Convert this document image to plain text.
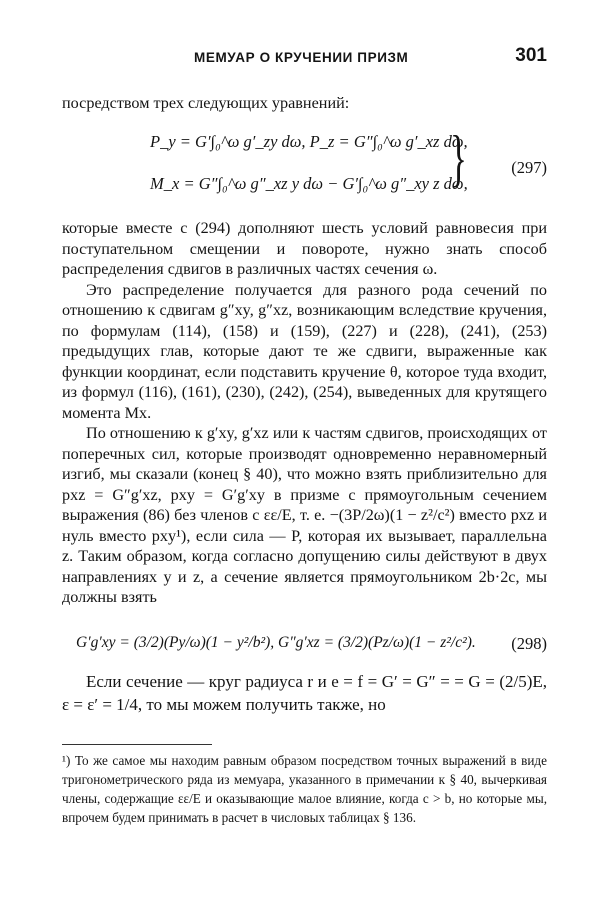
МЕМУАР О КРУЧЕНИИ ПРИЗМ	301

посредством трех следующих уравнений:

P_y = G′∫₀^ω g′_zy dω, P_z = G″∫₀^ω g′_xz dω,
M_x = G″∫₀^ω g″_xz y dω − G′∫₀^ω g″_xy z dω,
}	(297)

которые вместе с (294) дополняют шесть условий равновесия при поступательном смещении и повороте, нужно знать способ распределения сдвигов в различных частях сечения ω.

Это распределение получается для разного рода сечений по отношению к сдвигам g″xy, g″xz, возникающим вследствие кручения, по формулам (114), (158) и (159), (227) и (228), (241), (253) предыдущих глав, которые дают те же сдвиги, выраженные как функции координат, если подставить кручение θ, которое туда входит, из формул (116), (161), (230), (242), (254), выведенных для крутящего момента Mx.

По отношению к g′xy, g′xz или к частям сдвигов, происходящих от поперечных сил, которые производят одновременно неравномерный изгиб, мы сказали (конец § 40), что можно взять приблизительно для pxz = G″g′xz, pxy = G′g′xy в призме с прямоугольным сечением выражения (86) без членов с εε/E, т. е. −(3P/2ω)(1 − z²/c²) вместо pxz и нуль вместо pxy¹), если сила — P, которая их вызывает, параллельна z. Таким образом, когда согласно допущению силы действуют в двух направлениях y и z, а сечение является прямоугольником 2b·2c, мы должны взять

G′g′xy = (3/2)(Py/ω)(1 − y²/b²), G″g′xz = (3/2)(Pz/ω)(1 − z²/c²). (298)

Если сечение — круг радиуса r и e = f = G′ = G″ = = G = (2/5)E, ε = ε′ = 1/4, то мы можем получить также, но

¹) То же самое мы находим равным образом посредством точных выражений в виде тригонометрического ряда из мемуара, указанного в примечании к § 40, вычеркивая члены, содержащие εε/E и оказывающие малое влияние, когда c > b, но которые мы, впрочем будем принимать в расчет в числовых таблицах § 136.
